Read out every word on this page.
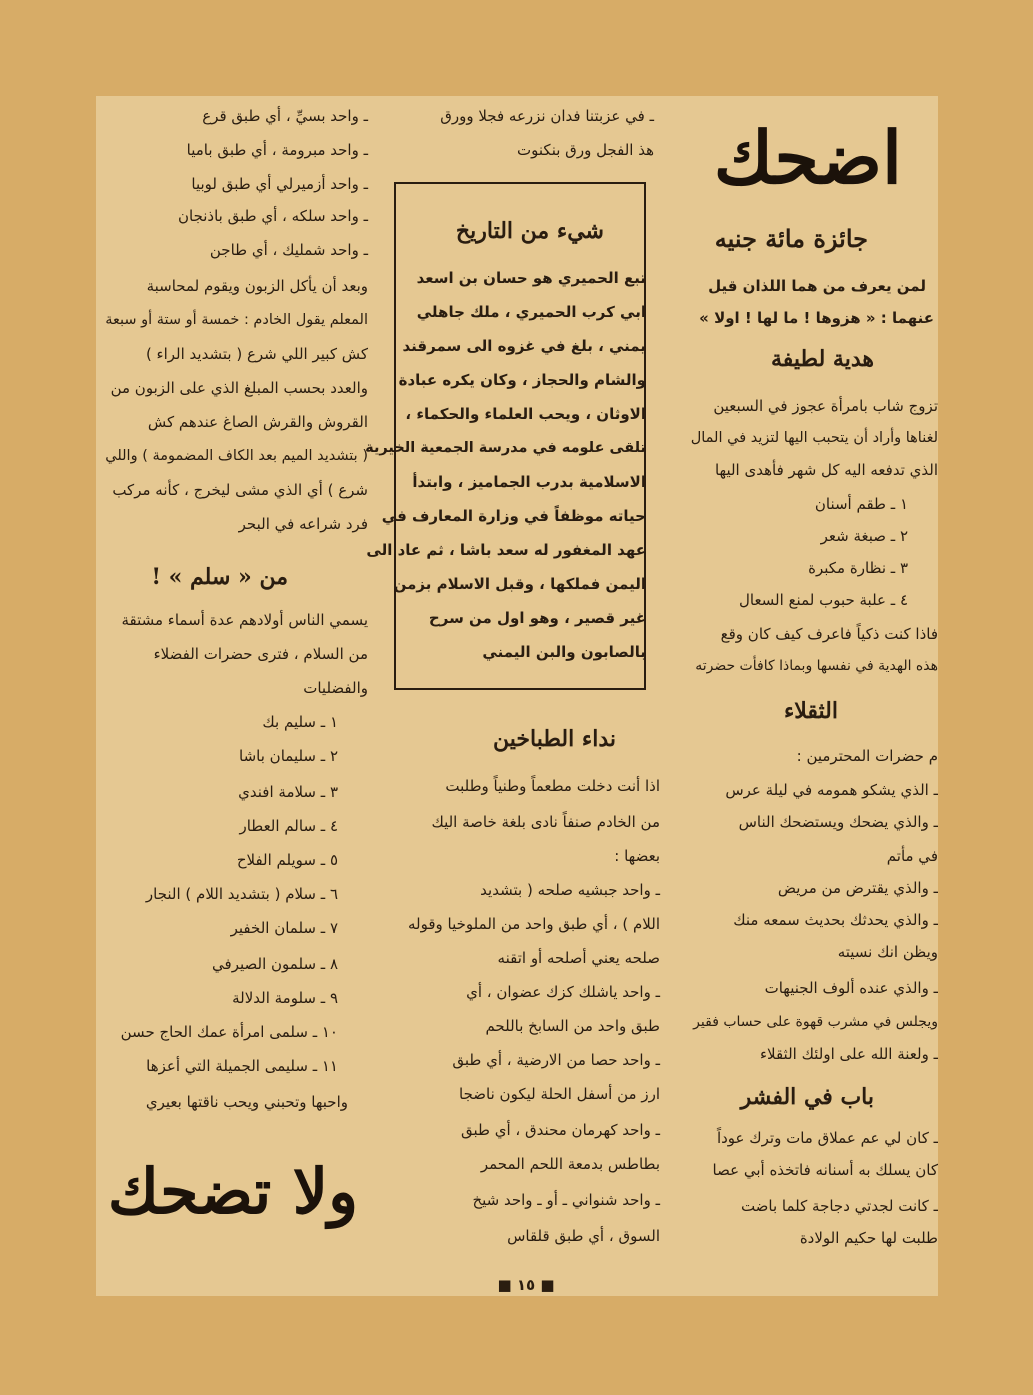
اضحك
جائزة مائة جنيه
لمن يعرف من هما اللذان قيل
عنهما : « هزوها ! ما لها ! اولا »
هدية لطيفة
تزوج شاب بامرأة عجوز في السبعين
لغناها وأراد أن يتحبب اليها لتزيد في المال
الذي تدفعه اليه كل شهر فأهدى اليها
١ ـ طقم أسنان
٢ ـ صبغة شعر
٣ ـ نظارة مكبرة
٤ ـ علبة حبوب لمنع السعال
فاذا كنت ذكياً فاعرف كيف كان وقع
هذه الهدية في نفسها وبماذا كافأت حضرته
الثقلاء
م حضرات المحترمين :
ـ الذي يشكو همومه في ليلة عرس
ـ والذي يضحك ويستضحك الناس
في مأتم
ـ والذي يقترض من مريض
ـ والذي يحدثك بحديث سمعه منك
ويظن انك نسيته
ـ والذي عنده ألوف الجنيهات
ويجلس في مشرب قهوة على حساب فقير
ـ ولعنة الله على اولئك الثقلاء
باب في الفشر
ـ كان لي عم عملاق مات وترك عوداً
كان يسلك به أسنانه فاتخذه أبي عصا
ـ كانت لجدتي دجاجة كلما باضت
طلبت لها حكيم الولادة
ـ في عزبتنا فدان نزرعه فجلا وورق
هذ الفجل ورق بنكنوت
شيء من التاريخ
تبع الحميري هو حسان بن اسعد
ابي كرب الحميري ، ملك جاهلي
يمني ، بلغ في غزوه الى سمرقند
والشام والحجاز ، وكان يكره عبادة
الاوثان ، ويحب العلماء والحكماء ،
تلقى علومه في مدرسة الجمعية الخيرية
الاسلامية بدرب الجماميز ، وابتدأ
حياته موظفاً في وزارة المعارف في
عهد المغفور له سعد باشا ، ثم عاد الى
اليمن فملكها ، وقبل الاسلام بزمن
غير قصير ، وهو اول من سرح
بالصابون والبن اليمني
نداء الطباخين
اذا أنت دخلت مطعماً وطنياً وطلبت
من الخادم صنفاً نادى بلغة خاصة اليك
بعضها :
ـ واحد جبشيه صلحه ( بتشديد
اللام ) ، أي طبق واحد من الملوخيا وقوله
صلحه يعني أصلحه أو اتقنه
ـ واحد ياشلك كزك عضوان ، أي
طبق واحد من السابخ باللحم
ـ واحد حصا من الارضية ، أي طبق
ارز من أسفل الحلة ليكون ناضجا
ـ واحد كهرمان محندق ، أي طبق
بطاطس بدمعة اللحم المحمر
ـ واحد شنواني ـ أو ـ واحد شيخ
السوق ، أي طبق قلقاس
ـ واحد بسيِّ ، أي طبق قرع
ـ واحد مبرومة ، أي طبق باميا
ـ واحد أزميرلي أي طبق لوبيا
ـ واحد سلكه ، أي طبق باذنجان
ـ واحد شمليك ، أي طاجن
وبعد أن يأكل الزبون ويقوم لمحاسبة
المعلم يقول الخادم : خمسة أو ستة أو سبعة
كش كبير اللي شرع ( بتشديد الراء )
والعدد بحسب المبلغ الذي على الزبون من
القروش والقرش الصاغ عندهم كش
( بتشديد الميم بعد الكاف المضمومة ) واللي
شرع ) أي الذي مشى ليخرج ، كأنه مركب
فرد شراعه في البحر
من « سلم » !
يسمي الناس أولادهم عدة أسماء مشتقة
من السلام ، فترى حضرات الفضلاء
والفضليات
١ ـ سليم بك
٢ ـ سليمان باشا
٣ ـ سلامة افندي
٤ ـ سالم العطار
٥ ـ سويلم الفلاح
٦ ـ سلام ( بتشديد اللام ) النجار
٧ ـ سلمان الخفير
٨ ـ سلمون الصيرفي
٩ ـ سلومة الدلالة
١٠ ـ سلمى امرأة عمك الحاج حسن
١١ ـ سليمى الجميلة التي أعزها
واحبها وتحبني ويحب ناقتها بعيري
ولا تضحك
■ ١٥ ■
